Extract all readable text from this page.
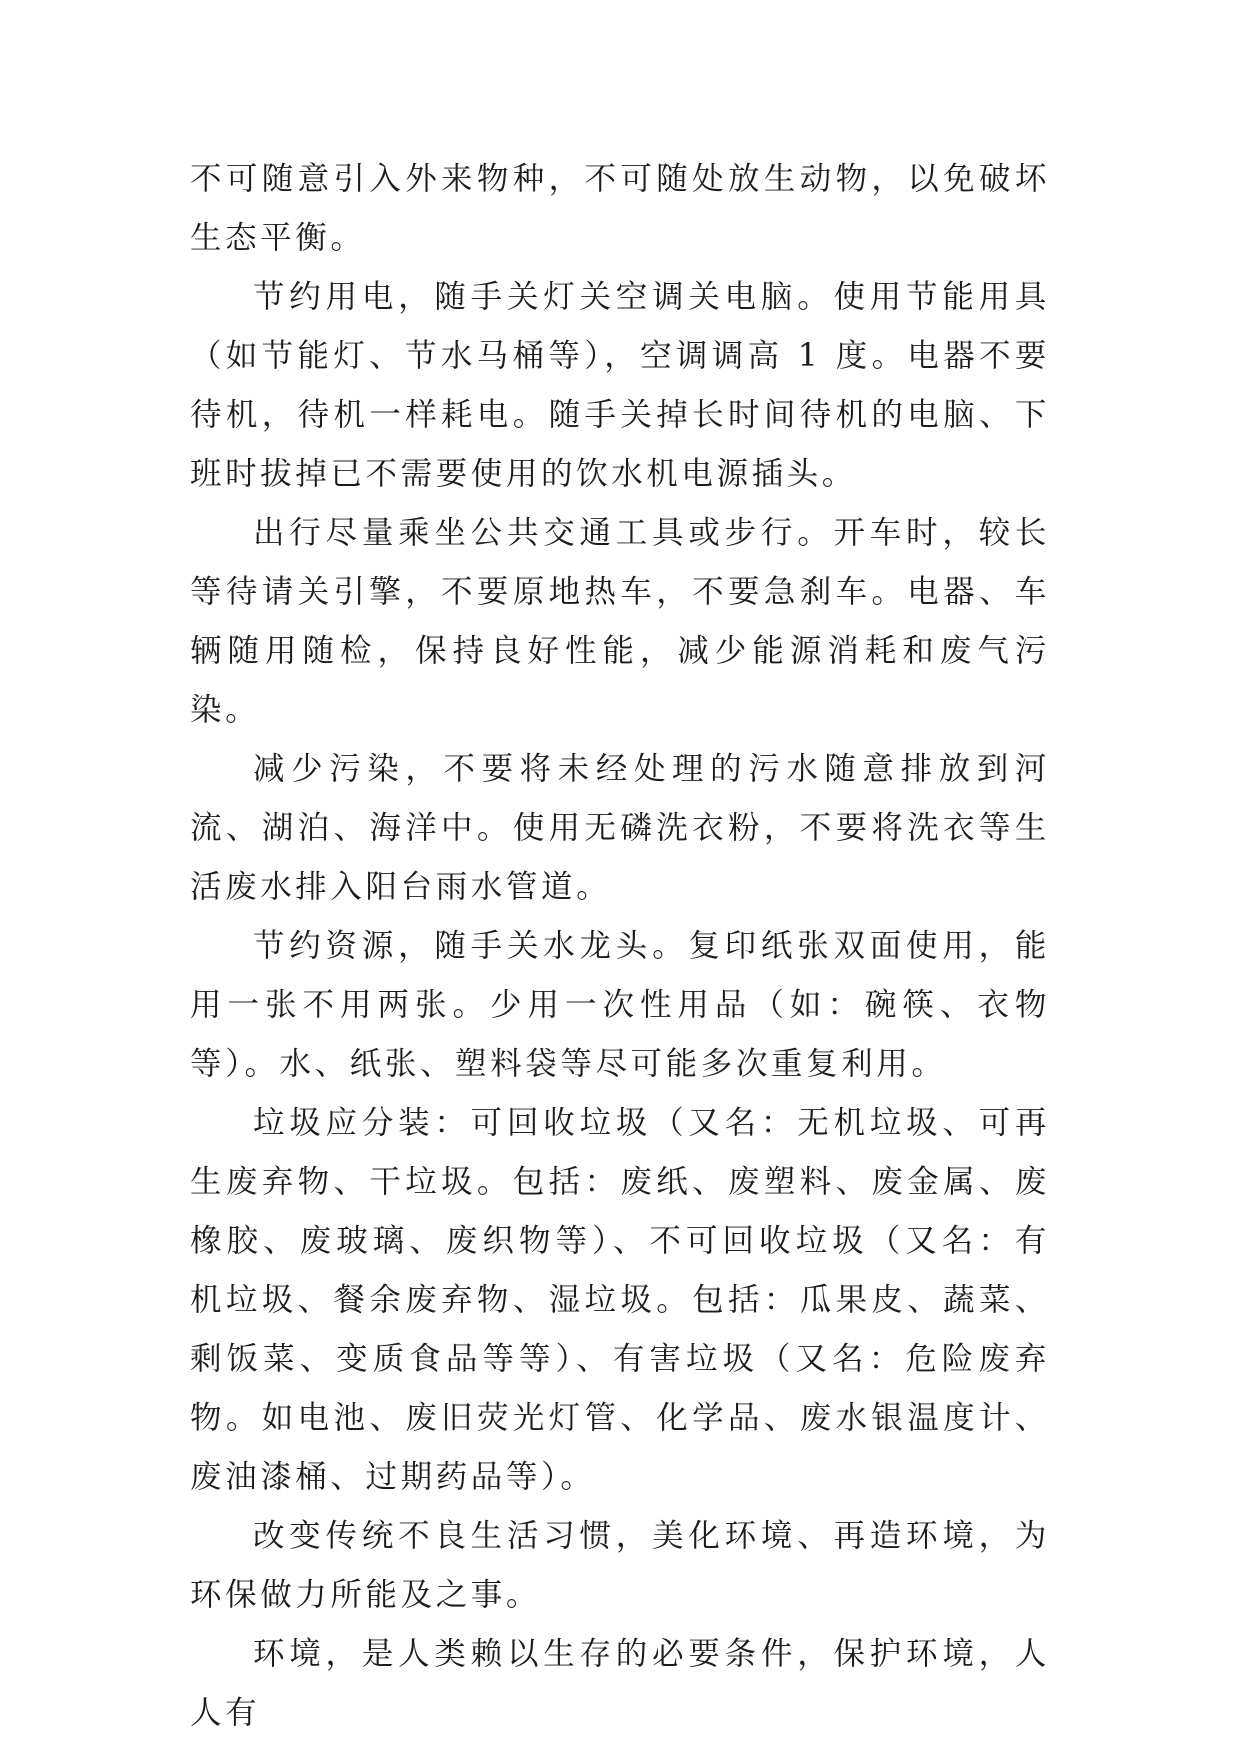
不可随意引入外来物种，不可随处放生动物，以免破坏生态平衡。

节约用电，随手关灯关空调关电脑。使用节能用具（如节能灯、节水马桶等），空调调高 1 度。电器不要待机，待机一样耗电。随手关掉长时间待机的电脑、下班时拔掉已不需要使用的饮水机电源插头。

出行尽量乘坐公共交通工具或步行。开车时，较长等待请关引擎，不要原地热车，不要急刹车。电器、车辆随用随检，保持良好性能，减少能源消耗和废气污染。

减少污染，不要将未经处理的污水随意排放到河流、湖泊、海洋中。使用无磷洗衣粉，不要将洗衣等生活废水排入阳台雨水管道。

节约资源，随手关水龙头。复印纸张双面使用，能用一张不用两张。少用一次性用品（如：碗筷、衣物等）。水、纸张、塑料袋等尽可能多次重复利用。

垃圾应分装：可回收垃圾（又名：无机垃圾、可再生废弃物、干垃圾。包括：废纸、废塑料、废金属、废橡胶、废玻璃、废织物等）、不可回收垃圾（又名：有机垃圾、餐余废弃物、湿垃圾。包括：瓜果皮、蔬菜、剩饭菜、变质食品等等）、有害垃圾（又名：危险废弃物。如电池、废旧荧光灯管、化学品、废水银温度计、废油漆桶、过期药品等）。

改变传统不良生活习惯，美化环境、再造环境，为环保做力所能及之事。

环境，是人类赖以生存的必要条件，保护环境，人人有
